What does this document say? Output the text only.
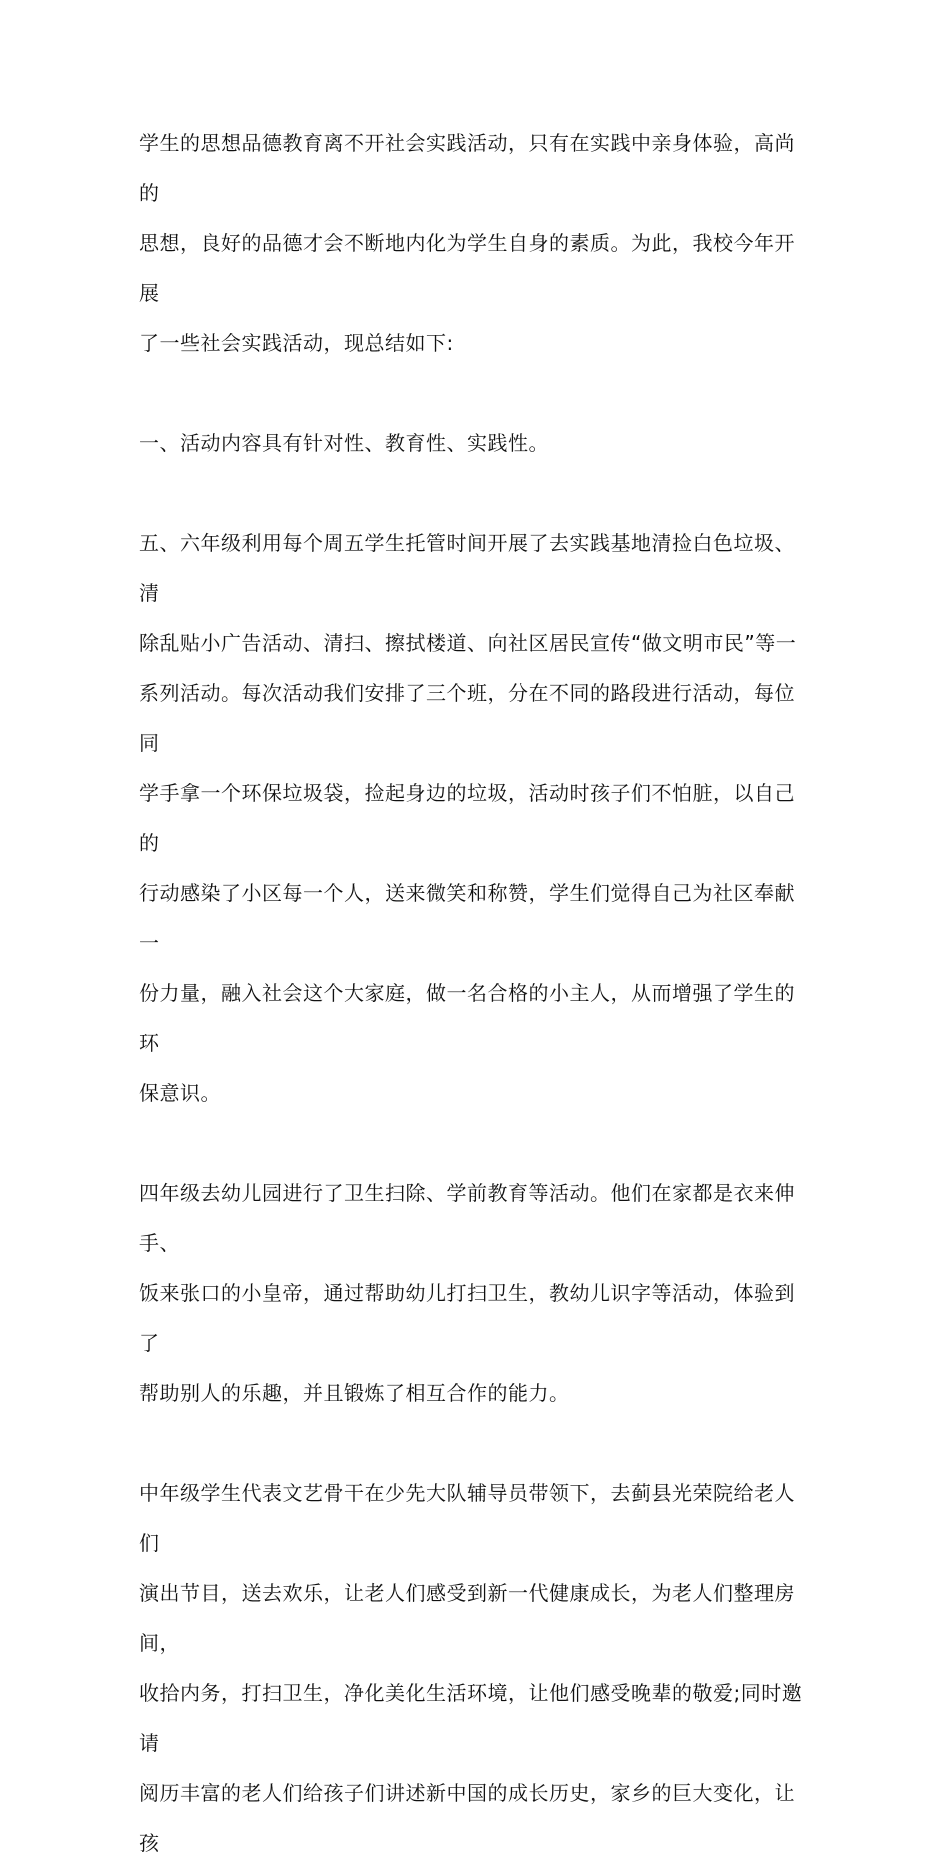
学生的思想品德教育离不开社会实践活动，只有在实践中亲身体验，高尚的
思想，良好的品德才会不断地内化为学生自身的素质。为此，我校今年开展
了一些社会实践活动，现总结如下:

一、活动内容具有针对性、教育性、实践性。

五、六年级利用每个周五学生托管时间开展了去实践基地清捡白色垃圾、清
除乱贴小广告活动、清扫、擦拭楼道、向社区居民宣传“做文明市民”等一
系列活动。每次活动我们安排了三个班，分在不同的路段进行活动，每位同
学手拿一个环保垃圾袋，捡起身边的垃圾，活动时孩子们不怕脏，以自己的
行动感染了小区每一个人，送来微笑和称赞，学生们觉得自己为社区奉献一
份力量，融入社会这个大家庭，做一名合格的小主人，从而增强了学生的环
保意识。

四年级去幼儿园进行了卫生扫除、学前教育等活动。他们在家都是衣来伸手、
饭来张口的小皇帝，通过帮助幼儿打扫卫生，教幼儿识字等活动，体验到了
帮助别人的乐趣，并且锻炼了相互合作的能力。

中年级学生代表文艺骨干在少先大队辅导员带领下，去蓟县光荣院给老人们
演出节目，送去欢乐，让老人们感受到新一代健康成长，为老人们整理房间，
收拾内务，打扫卫生，净化美化生活环境，让他们感受晚辈的敬爱;同时邀请
阅历丰富的老人们给孩子们讲述新中国的成长历史，家乡的巨大变化，让孩
